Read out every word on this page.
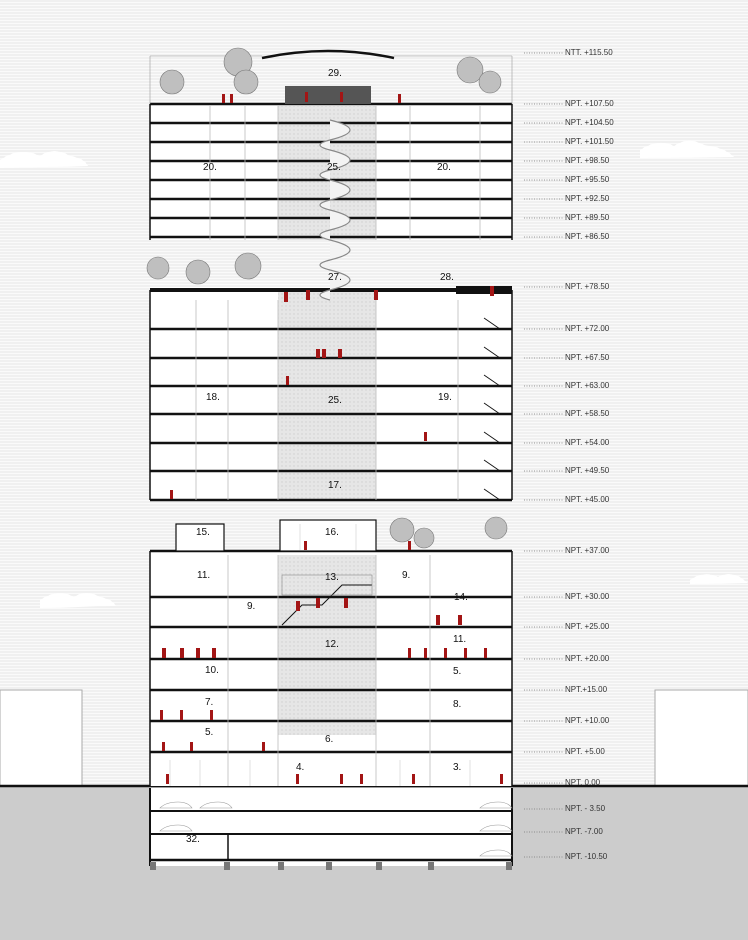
NTT. +115.50
NPT. +107.50
NPT. +104.50
NPT. +101.50
NPT. +98.50
NPT. +95.50
NPT. +92.50
NPT. +89.50
NPT. +86.50
NPT. +78.50
NPT. +72.00
NPT. +67.50
NPT. +63.00
NPT. +58.50
NPT. +54.00
NPT. +49.50
NPT. +45.00
NPT. +37.00
NPT. +30.00
NPT. +25.00
NPT. +20.00
NPT.+15.00
NPT. +10.00
NPT. +5.00
NPT. 0.00
NPT. - 3.50
NPT. -7.00
NPT. -10.50
29.
20.	25.	20.
27.	28.
18.	25.	19.
17.
15.	16.
11.	13.	9.
14.
9.
12.	11.
10.	5.
7.	8.
5.
6.
4.	3.
32.
